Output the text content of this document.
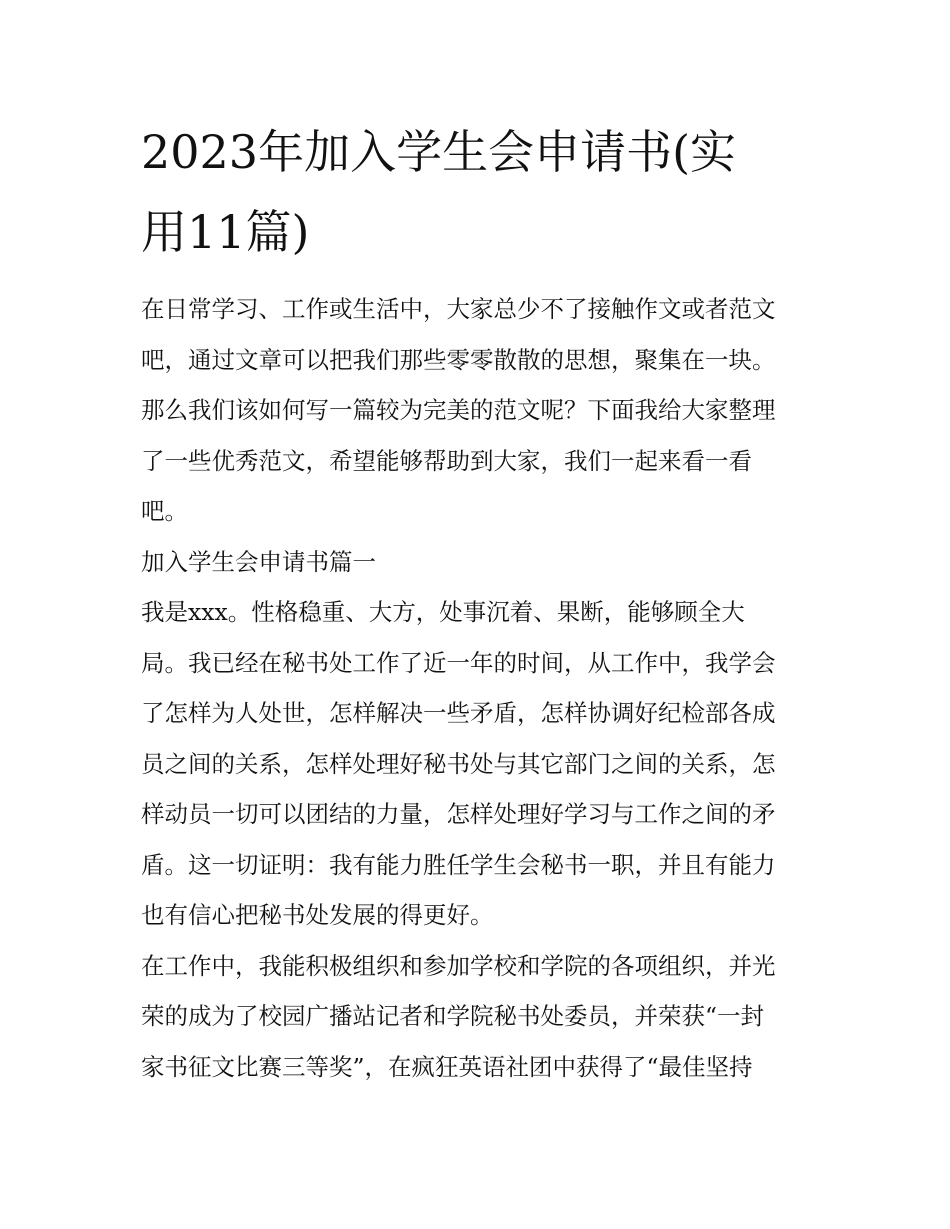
2023年加入学生会申请书(实
用11篇)

在日常学习、工作或生活中，大家总少不了接触作文或者范文
吧，通过文章可以把我们那些零零散散的思想，聚集在一块。
那么我们该如何写一篇较为完美的范文呢？下面我给大家整理
了一些优秀范文，希望能够帮助到大家，我们一起来看一看
吧。

加入学生会申请书篇一

我是xxx。性格稳重、大方，处事沉着、果断，能够顾全大
局。我已经在秘书处工作了近一年的时间，从工作中，我学会
了怎样为人处世，怎样解决一些矛盾，怎样协调好纪检部各成
员之间的关系，怎样处理好秘书处与其它部门之间的关系，怎
样动员一切可以团结的力量，怎样处理好学习与工作之间的矛
盾。这一切证明：我有能力胜任学生会秘书一职，并且有能力
也有信心把秘书处发展的得更好。

在工作中，我能积极组织和参加学校和学院的各项组织，并光
荣的成为了校园广播站记者和学院秘书处委员，并荣获“一封
家书征文比赛三等奖”，在疯狂英语社团中获得了“最佳坚持
